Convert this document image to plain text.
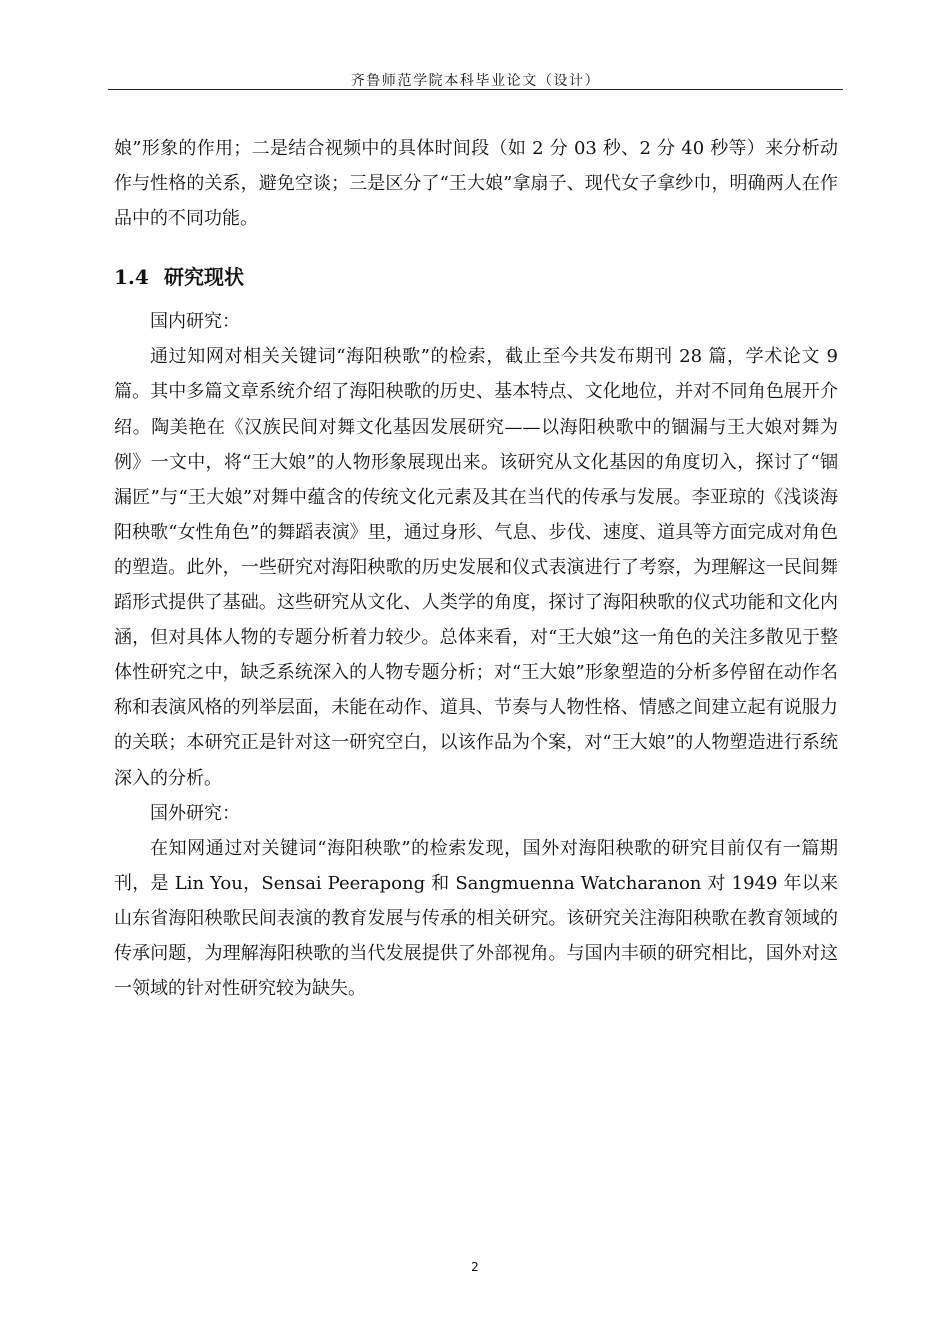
齐鲁师范学院本科毕业论文（设计）

娘”形象的作用；二是结合视频中的具体时间段（如 2 分 03 秒、2 分 40 秒等）来分析动作与性格的关系，避免空谈；三是区分了“王大娘”拿扇子、现代女子拿纱巾，明确两人在作品中的不同功能。

1.4 研究现状

国内研究：

通过知网对相关关键词“海阳秧歌”的检索，截止至今共发布期刊 28 篇，学术论文 9 篇。其中多篇文章系统介绍了海阳秧歌的历史、基本特点、文化地位，并对不同角色展开介绍。陶美艳在《汉族民间对舞文化基因发展研究——以海阳秧歌中的锢漏与王大娘对舞为例》一文中，将“王大娘”的人物形象展现出来。该研究从文化基因的角度切入，探讨了“锢漏匠”与“王大娘”对舞中蕴含的传统文化元素及其在当代的传承与发展。李亚琼的《浅谈海阳秧歌“女性角色”的舞蹈表演》里，通过身形、气息、步伐、速度、道具等方面完成对角色的塑造。此外，一些研究对海阳秧歌的历史发展和仪式表演进行了考察，为理解这一民间舞蹈形式提供了基础。这些研究从文化、人类学的角度，探讨了海阳秧歌的仪式功能和文化内涵，但对具体人物的专题分析着力较少。总体来看，对“王大娘”这一角色的关注多散见于整体性研究之中，缺乏系统深入的人物专题分析；对“王大娘”形象塑造的分析多停留在动作名称和表演风格的列举层面，未能在动作、道具、节奏与人物性格、情感之间建立起有说服力的关联；本研究正是针对这一研究空白，以该作品为个案，对“王大娘”的人物塑造进行系统深入的分析。

国外研究：

在知网通过对关键词“海阳秧歌”的检索发现，国外对海阳秧歌的研究目前仅有一篇期刊，是 Lin You，Sensai Peerapong 和 Sangmuenna Watcharanon 对 1949 年以来山东省海阳秧歌民间表演的教育发展与传承的相关研究。该研究关注海阳秧歌在教育领域的传承问题，为理解海阳秧歌的当代发展提供了外部视角。与国内丰硕的研究相比，国外对这一领域的针对性研究较为缺失。

2
